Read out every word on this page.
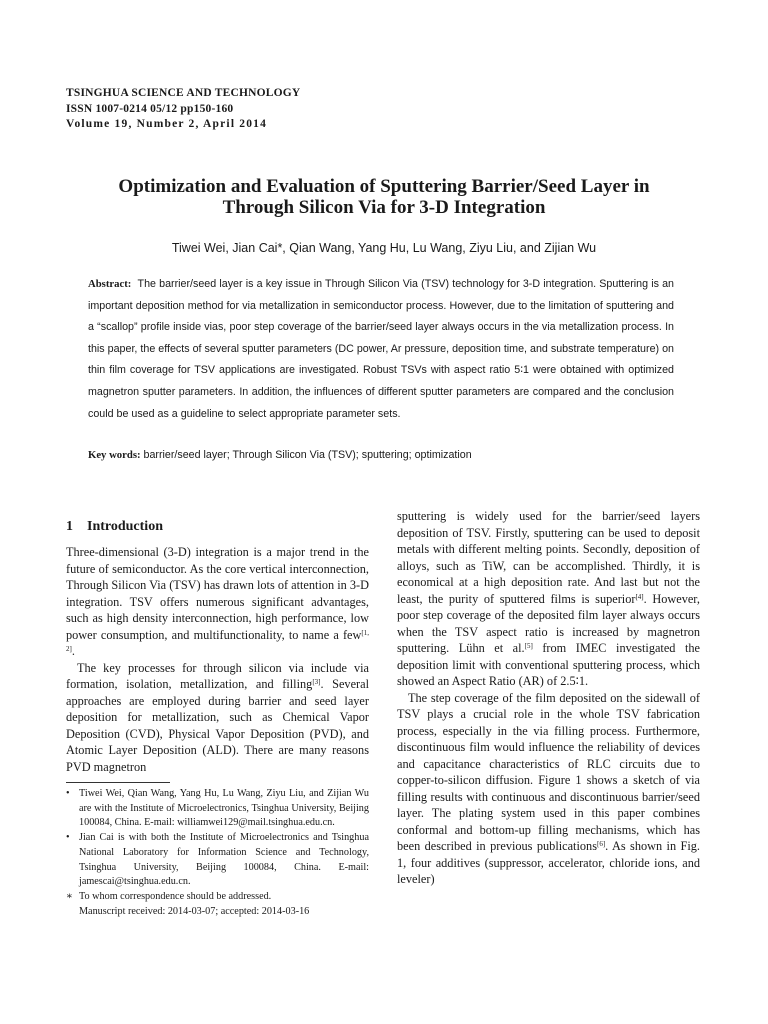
TSINGHUA SCIENCE AND TECHNOLOGY
ISSN 1007-0214 05/12 pp150-160
Volume 19, Number 2, April 2014
Optimization and Evaluation of Sputtering Barrier/Seed Layer in
Through Silicon Via for 3-D Integration
Tiwei Wei, Jian Cai*, Qian Wang, Yang Hu, Lu Wang, Ziyu Liu, and Zijian Wu
Abstract: The barrier/seed layer is a key issue in Through Silicon Via (TSV) technology for 3-D integration. Sputtering is an important deposition method for via metallization in semiconductor process. However, due to the limitation of sputtering and a “scallop” profile inside vias, poor step coverage of the barrier/seed layer always occurs in the via metallization process. In this paper, the effects of several sputter parameters (DC power, Ar pressure, deposition time, and substrate temperature) on thin film coverage for TSV applications are investigated. Robust TSVs with aspect ratio 5∶1 were obtained with optimized magnetron sputter parameters. In addition, the influences of different sputter parameters are compared and the conclusion could be used as a guideline to select appropriate parameter sets.
Key words: barrier/seed layer; Through Silicon Via (TSV); sputtering; optimization
1 Introduction

Three-dimensional (3-D) integration is a major trend in the future of semiconductor. As the core vertical interconnection, Through Silicon Via (TSV) has drawn lots of attention in 3-D integration. TSV offers numerous significant advantages, such as high density interconnection, high performance, low power consumption, and multifunctionality, to name a few[1, 2].

The key processes for through silicon via include via formation, isolation, metallization, and filling[3]. Several approaches are employed during barrier and seed layer deposition for metallization, such as Chemical Vapor Deposition (CVD), Physical Vapor Deposition (PVD), and Atomic Layer Deposition (ALD). There are many reasons PVD magnetron

• Tiwei Wei, Qian Wang, Yang Hu, Lu Wang, Ziyu Liu, and Zijian Wu are with the Institute of Microelectronics, Tsinghua University, Beijing 100084, China. E-mail: williamwei129@mail.tsinghua.edu.cn.
• Jian Cai is with both the Institute of Microelectronics and Tsinghua National Laboratory for Information Science and Technology, Tsinghua University, Beijing 100084, China. E-mail: jamescai@tsinghua.edu.cn.
∗ To whom correspondence should be addressed.
Manuscript received: 2014-03-07; accepted: 2014-03-16

sputtering is widely used for the barrier/seed layers deposition of TSV. Firstly, sputtering can be used to deposit metals with different melting points. Secondly, deposition of alloys, such as TiW, can be accomplished. Thirdly, it is economical at a high deposition rate. And last but not the least, the purity of sputtered films is superior[4]. However, poor step coverage of the deposited film layer always occurs when the TSV aspect ratio is increased by magnetron sputtering. Lühn et al.[5] from IMEC investigated the deposition limit with conventional sputtering process, which showed an Aspect Ratio (AR) of 2.5∶1.

The step coverage of the film deposited on the sidewall of TSV plays a crucial role in the whole TSV fabrication process, especially in the via filling process. Furthermore, discontinuous film would influence the reliability of devices and capacitance characteristics of RLC circuits due to copper-to-silicon diffusion. Figure 1 shows a sketch of via filling results with continuous and discontinuous barrier/seed layer. The plating system used in this paper combines conformal and bottom-up filling mechanisms, which has been described in previous publications[6]. As shown in Fig. 1, four additives (suppressor, accelerator, chloride ions, and leveler)
